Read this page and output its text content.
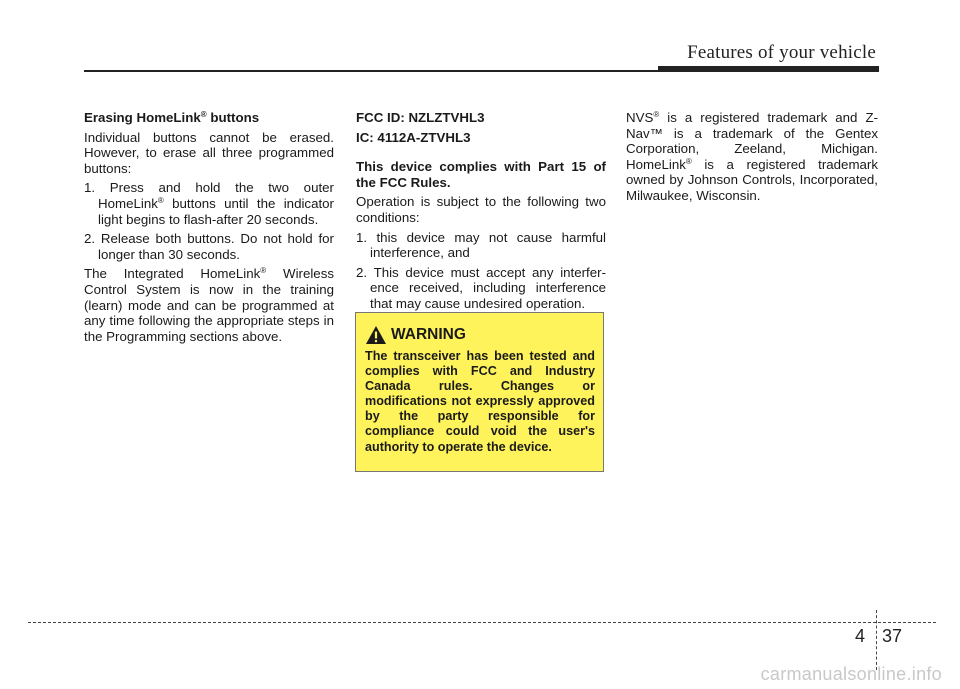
Features of your vehicle

Erasing HomeLink® buttons

Individual buttons cannot be erased. However, to erase all three programmed buttons:

1. Press and hold the two outer HomeLink® buttons until the indicator light begins to flash-after 20 seconds.
2. Release both buttons. Do not hold for longer than 30 seconds.

The Integrated HomeLink® Wireless Control System is now in the training (learn) mode and can be programmed at any time following the appropriate steps in the Programming sections above.

FCC ID: NZLZTVHL3

IC: 4112A-ZTVHL3

This device complies with Part 15 of the FCC Rules.

Operation is subject to the following two conditions:

1. this device may not cause harmful interference, and
2. This device must accept any interfer-ence received, including interference that may cause undesired operation.
WARNING
The transceiver has been tested and complies with FCC and Industry Canada rules. Changes or modifications not expressly approved by the party responsible for compliance could void the user's authority to operate the device.

NVS® is a registered trademark and Z-Nav™ is a trademark of the Gentex Corporation, Zeeland, Michigan. HomeLink® is a registered trademark owned by Johnson Controls, Incorporated, Milwaukee, Wisconsin.

4 37
carmanualsonline.info
